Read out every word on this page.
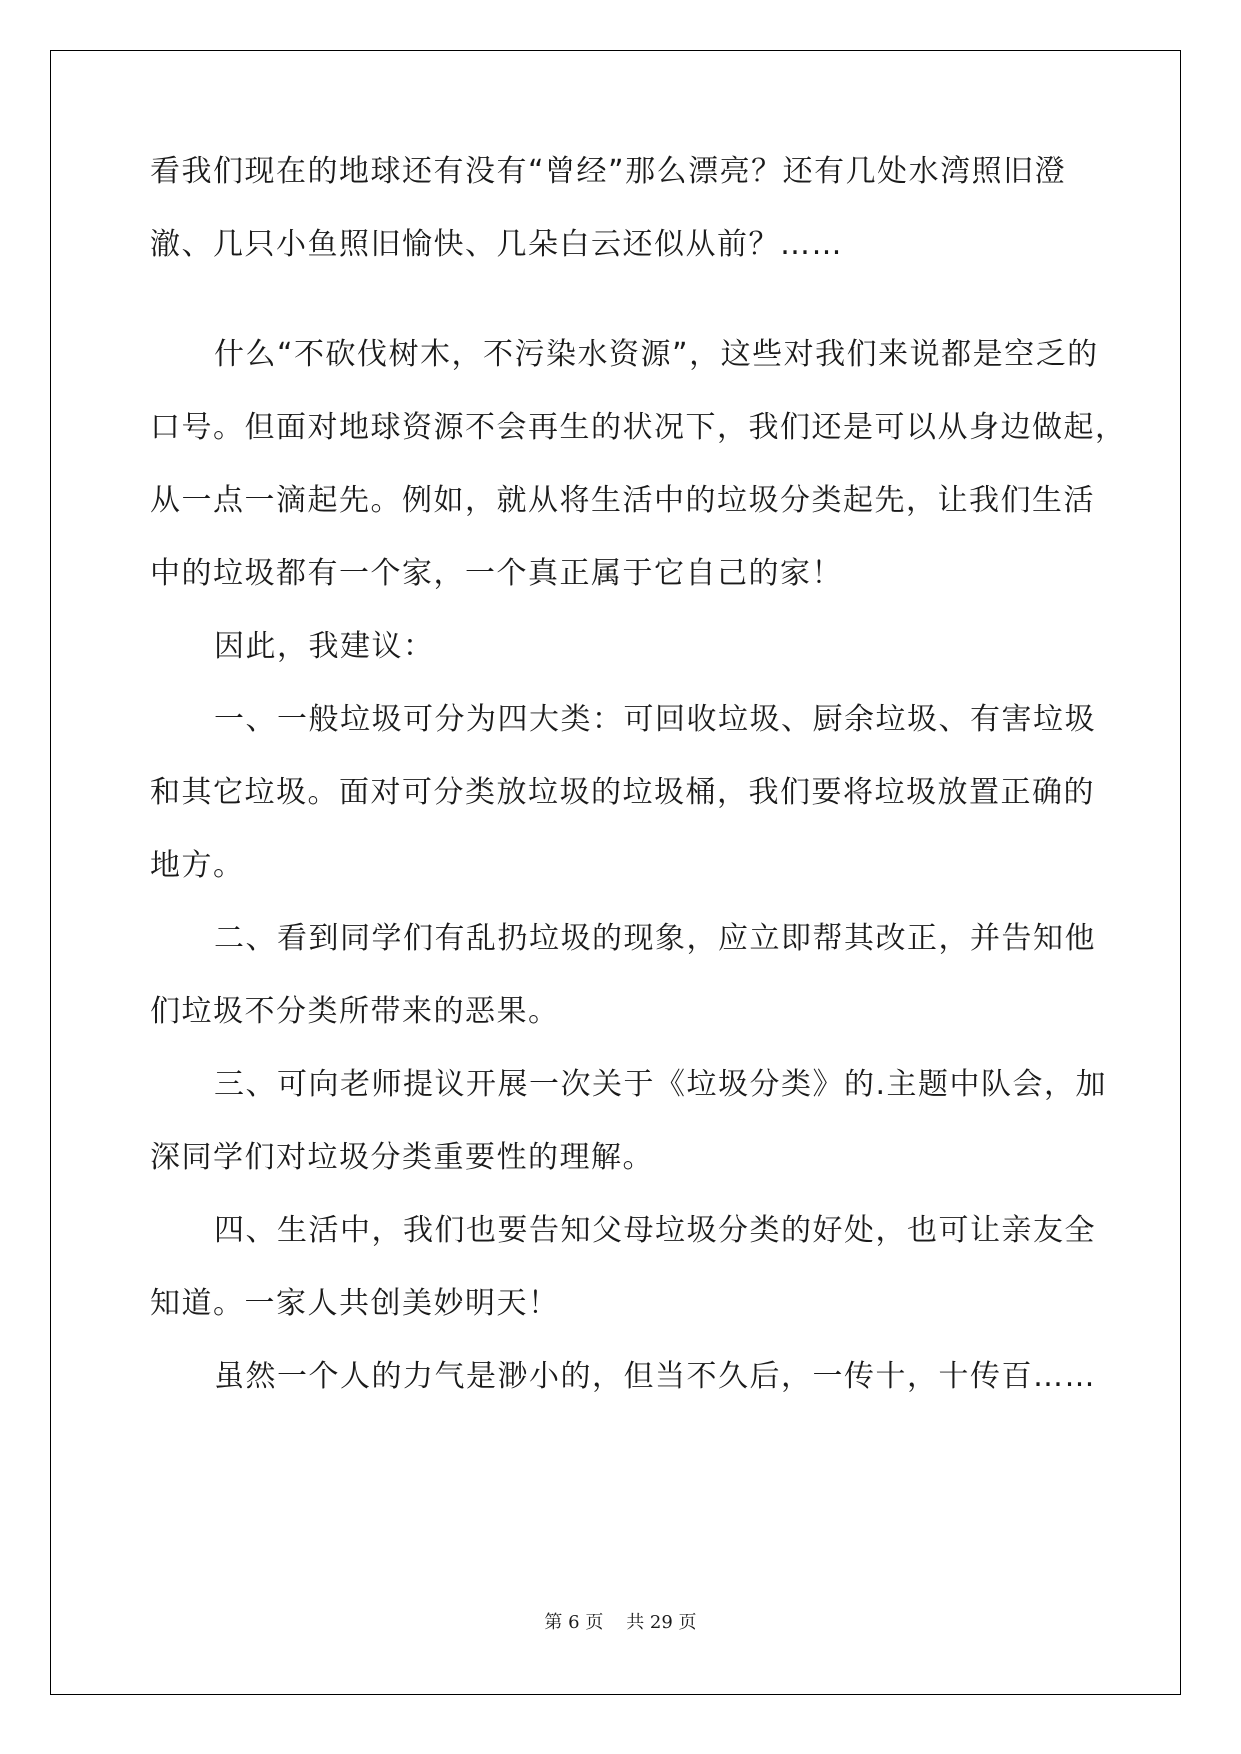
看我们现在的地球还有没有“曾经”那么漂亮？还有几处水湾照旧澄
澈、几只小鱼照旧愉快、几朵白云还似从前？……
什么“不砍伐树木，不污染水资源”，这些对我们来说都是空乏的
口号。但面对地球资源不会再生的状况下，我们还是可以从身边做起，
从一点一滴起先。例如，就从将生活中的垃圾分类起先，让我们生活
中的垃圾都有一个家，一个真正属于它自己的家！
因此，我建议：
一、一般垃圾可分为四大类：可回收垃圾、厨余垃圾、有害垃圾
和其它垃圾。面对可分类放垃圾的垃圾桶，我们要将垃圾放置正确的
地方。
二、看到同学们有乱扔垃圾的现象，应立即帮其改正，并告知他
们垃圾不分类所带来的恶果。
三、可向老师提议开展一次关于《垃圾分类》的.主题中队会，加
深同学们对垃圾分类重要性的理解。
四、生活中，我们也要告知父母垃圾分类的好处，也可让亲友全
知道。一家人共创美妙明天！
虽然一个人的力气是渺小的，但当不久后，一传十，十传百……
第 6 页    共 29 页
